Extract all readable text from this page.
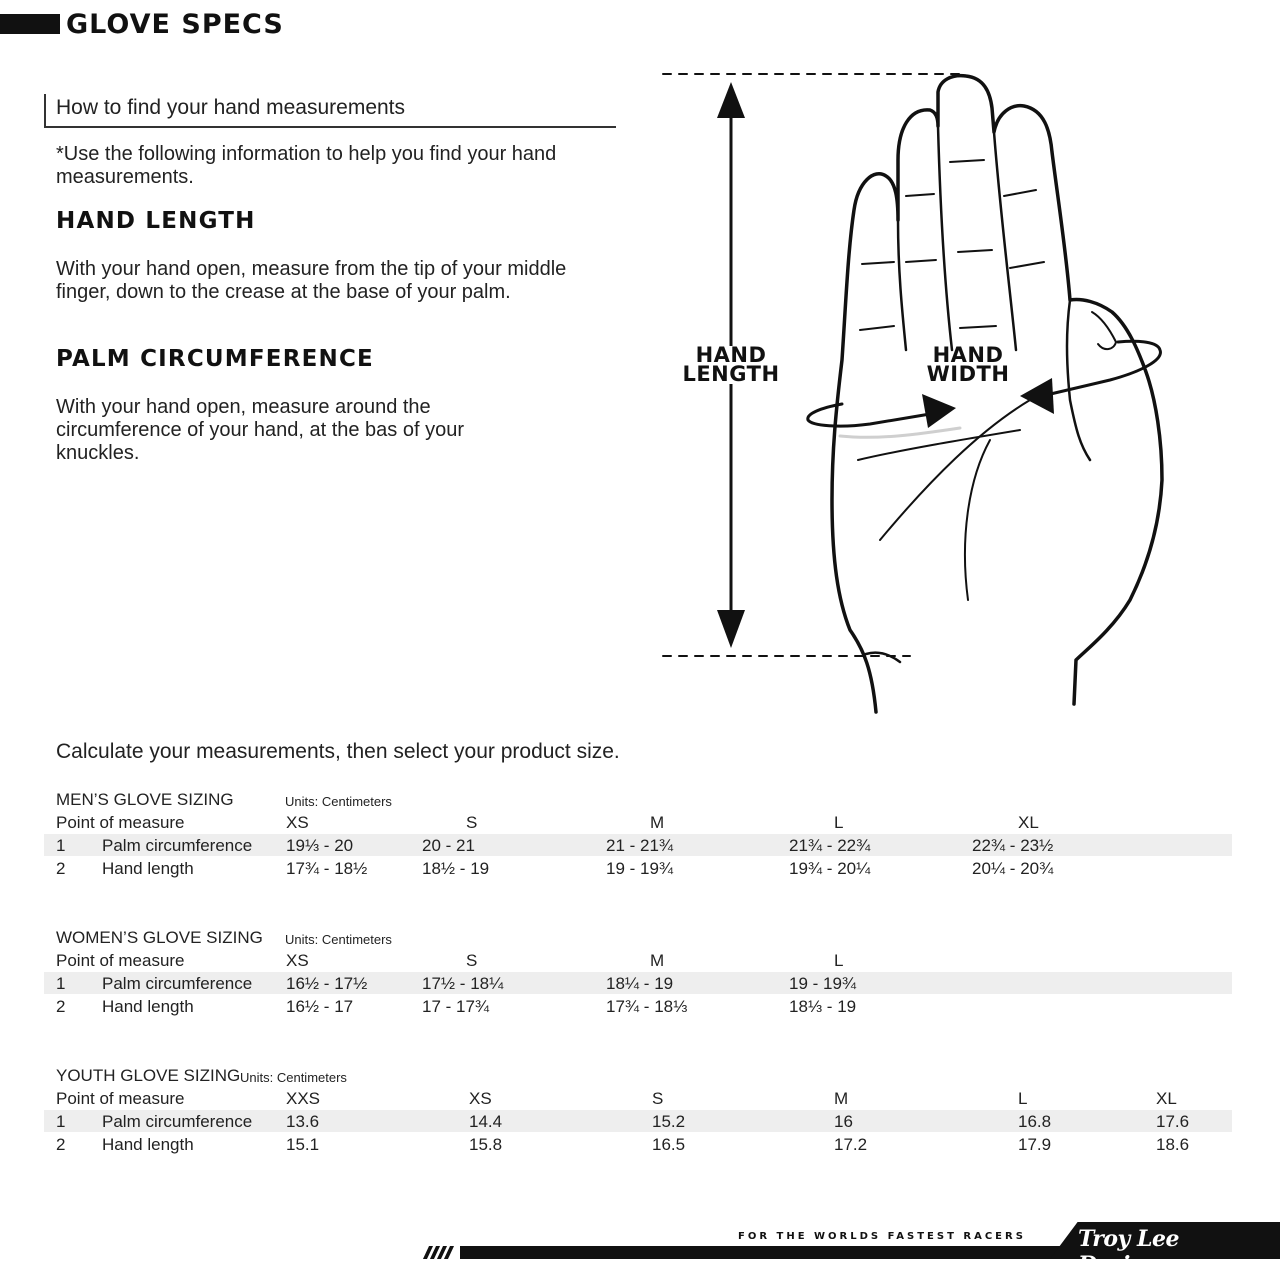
GLOVE SPECS
How to find your hand measurements
*Use the following information to help you find your hand measurements.
HAND LENGTH
With your hand open, measure from the tip of your middle finger, down to the crease at the base of your palm.
PALM CIRCUMFERENCE
With your hand open, measure around the circumference of your hand, at the bas of your knuckles.
HAND
LENGTH
HAND
WIDTH
Calculate your measurements, then select your product size.
MEN’S GLOVE SIZING	Units: Centimeters
Point of measure	XS	S	M	L	XL
1 Palm circumference 19⅓ - 20	20 - 21	21 - 21¾	21¾ - 22¾	22¾ - 23½
2 Hand length	17¾ - 18½	18½ - 19	19 - 19¾	19¾ - 20¼	20¼ - 20¾
WOMEN’S GLOVE SIZING Units: Centimeters
Point of measure	XS	S	M	L
1 Palm circumference 16½ - 17½	17½ - 18¼	18¼ - 19	19 - 19¾
2 Hand length	16½ - 17	17 - 17¾	17¾ - 18⅓	18⅓ - 19
YOUTH GLOVE SIZING Units: Centimeters
Point of measure	XXS	XS	S	M	L	XL
1 Palm circumference 13.6	14.4	15.2	16	16.8	17.6
2 Hand length	15.1	15.8	16.5	17.2	17.9	18.6
FOR THE WORLDS FASTEST RACERS Troy Lee Designs
